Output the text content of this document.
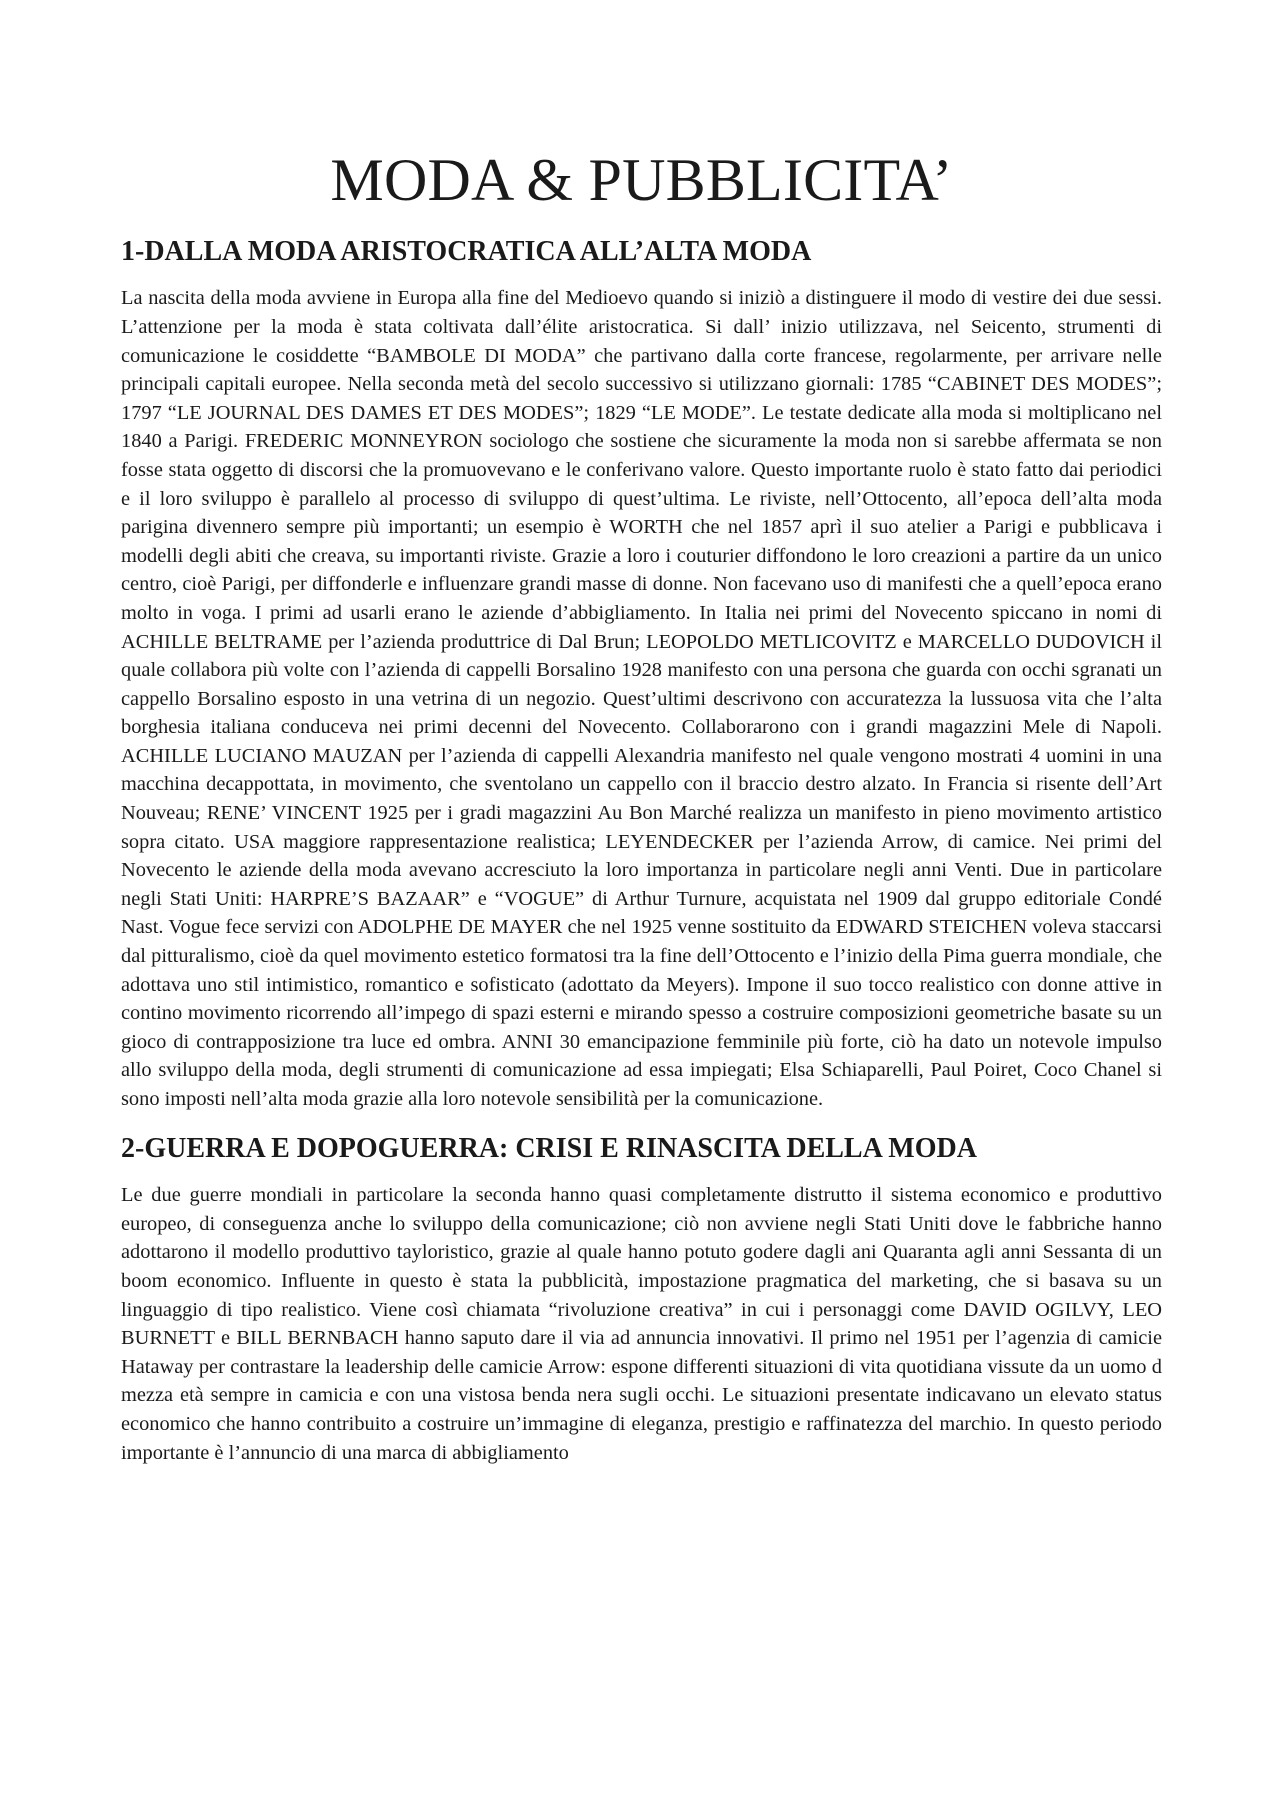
MODA & PUBBLICITA’
1-DALLA MODA ARISTOCRATICA ALL’ALTA MODA

La nascita della moda avviene in Europa alla fine del Medioevo quando si iniziò a distinguere il modo di vestire dei due sessi. L’attenzione per la moda è stata coltivata dall’élite aristocratica. Si dall’ inizio utilizzava, nel Seicento, strumenti di comunicazione le cosiddette “BAMBOLE DI MODA” che partivano dalla corte francese, regolarmente, per arrivare nelle principali capitali europee. Nella seconda metà del secolo successivo si utilizzano giornali: 1785 “CABINET DES MODES”; 1797 “LE JOURNAL DES DAMES ET DES MODES”; 1829 “LE MODE”. Le testate dedicate alla moda si moltiplicano nel 1840 a Parigi. FREDERIC MONNEYRON sociologo che sostiene che sicuramente la moda non si sarebbe affermata se non fosse stata oggetto di discorsi che la promuovevano e le conferivano valore. Questo importante ruolo è stato fatto dai periodici e il loro sviluppo è parallelo al processo di sviluppo di quest’ultima. Le riviste, nell’Ottocento, all’epoca dell’alta moda parigina divennero sempre più importanti; un esempio è WORTH che nel 1857 aprì il suo atelier a Parigi e pubblicava i modelli degli abiti che creava, su importanti riviste. Grazie a loro i couturier diffondono le loro creazioni a partire da un unico centro, cioè Parigi, per diffonderle e influenzare grandi masse di donne. Non facevano uso di manifesti che a quell’epoca erano molto in voga. I primi ad usarli erano le aziende d’abbigliamento. In Italia nei primi del Novecento spiccano in nomi di ACHILLE BELTRAME per l’azienda produttrice di Dal Brun; LEOPOLDO METLICOVITZ e MARCELLO DUDOVICH il quale collabora più volte con l’azienda di cappelli Borsalino 1928 manifesto con una persona che guarda con occhi sgranati un cappello Borsalino esposto in una vetrina di un negozio. Quest’ultimi descrivono con accuratezza la lussuosa vita che l’alta borghesia italiana conduceva nei primi decenni del Novecento. Collaborarono con i grandi magazzini Mele di Napoli. ACHILLE LUCIANO MAUZAN per l’azienda di cappelli Alexandria manifesto nel quale vengono mostrati 4 uomini in una macchina decappottata, in movimento, che sventolano un cappello con il braccio destro alzato. In Francia si risente dell’Art Nouveau; RENE’ VINCENT 1925 per i gradi magazzini Au Bon Marché realizza un manifesto in pieno movimento artistico sopra citato. USA maggiore rappresentazione realistica; LEYENDECKER per l’azienda Arrow, di camice. Nei primi del Novecento le aziende della moda avevano accresciuto la loro importanza in particolare negli anni Venti. Due in particolare negli Stati Uniti: HARPRE’S BAZAAR” e “VOGUE” di Arthur Turnure, acquistata nel 1909 dal gruppo editoriale Condé Nast. Vogue fece servizi con ADOLPHE DE MAYER che nel 1925 venne sostituito da EDWARD STEICHEN voleva staccarsi dal pitturalismo, cioè da quel movimento estetico formatosi tra la fine dell’Ottocento e l’inizio della Pima guerra mondiale, che adottava uno stil intimistico, romantico e sofisticato (adottato da Meyers). Impone il suo tocco realistico con donne attive in contino movimento ricorrendo all’impego di spazi esterni e mirando spesso a costruire composizioni geometriche basate su un gioco di contrapposizione tra luce ed ombra. ANNI 30 emancipazione femminile più forte, ciò ha dato un notevole impulso allo sviluppo della moda, degli strumenti di comunicazione ad essa impiegati; Elsa Schiaparelli, Paul Poiret, Coco Chanel si sono imposti nell’alta moda grazie alla loro notevole sensibilità per la comunicazione.

2-GUERRA E DOPOGUERRA: CRISI E RINASCITA DELLA MODA

Le due guerre mondiali in particolare la seconda hanno quasi completamente distrutto il sistema economico e produttivo europeo, di conseguenza anche lo sviluppo della comunicazione; ciò non avviene negli Stati Uniti dove le fabbriche hanno adottarono il modello produttivo tayloristico, grazie al quale hanno potuto godere dagli ani Quaranta agli anni Sessanta di un boom economico. Influente in questo è stata la pubblicità, impostazione pragmatica del marketing, che si basava su un linguaggio di tipo realistico. Viene così chiamata “rivoluzione creativa” in cui i personaggi come DAVID OGILVY, LEO BURNETT e BILL BERNBACH hanno saputo dare il via ad annuncia innovativi. Il primo nel 1951 per l’agenzia di camicie Hataway per contrastare la leadership delle camicie Arrow: espone differenti situazioni di vita quotidiana vissute da un uomo d mezza età sempre in camicia e con una vistosa benda nera sugli occhi. Le situazioni presentate indicavano un elevato status economico che hanno contribuito a costruire un’immagine di eleganza, prestigio e raffinatezza del marchio. In questo periodo importante è l’annuncio di una marca di abbigliamento
